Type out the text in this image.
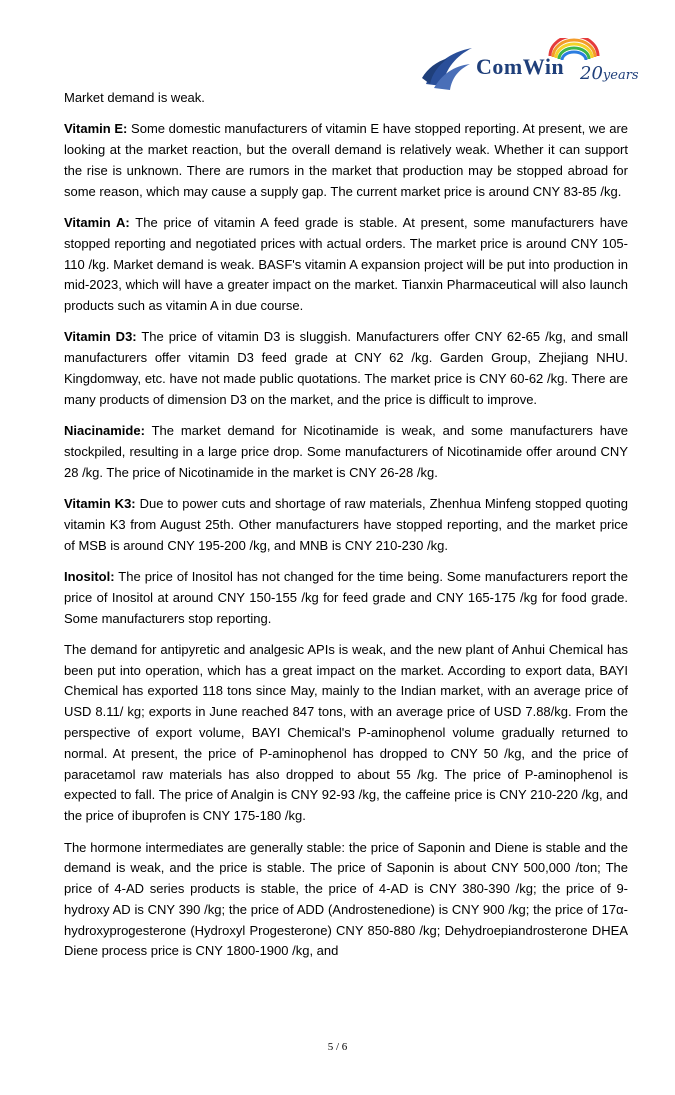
ComWin 20years

Market demand is weak.

Vitamin E: Some domestic manufacturers of vitamin E have stopped reporting. At present, we are looking at the market reaction, but the overall demand is relatively weak. Whether it can support the rise is unknown. There are rumors in the market that production may be stopped abroad for some reason, which may cause a supply gap. The current market price is around CNY 83-85 /kg.

Vitamin A: The price of vitamin A feed grade is stable. At present, some manufacturers have stopped reporting and negotiated prices with actual orders. The market price is around CNY 105-110 /kg. Market demand is weak. BASF's vitamin A expansion project will be put into production in mid-2023, which will have a greater impact on the market. Tianxin Pharmaceutical will also launch products such as vitamin A in due course.

Vitamin D3: The price of vitamin D3 is sluggish. Manufacturers offer CNY 62-65 /kg, and small manufacturers offer vitamin D3 feed grade at CNY 62 /kg. Garden Group, Zhejiang NHU. Kingdomway, etc. have not made public quotations. The market price is CNY 60-62 /kg. There are many products of dimension D3 on the market, and the price is difficult to improve.

Niacinamide: The market demand for Nicotinamide is weak, and some manufacturers have stockpiled, resulting in a large price drop. Some manufacturers of Nicotinamide offer around CNY 28 /kg. The price of Nicotinamide in the market is CNY 26-28 /kg.

Vitamin K3: Due to power cuts and shortage of raw materials, Zhenhua Minfeng stopped quoting vitamin K3 from August 25th. Other manufacturers have stopped reporting, and the market price of MSB is around CNY 195-200 /kg, and MNB is CNY 210-230 /kg.

Inositol: The price of Inositol has not changed for the time being. Some manufacturers report the price of Inositol at around CNY 150-155 /kg for feed grade and CNY 165-175 /kg for food grade. Some manufacturers stop reporting.

The demand for antipyretic and analgesic APIs is weak, and the new plant of Anhui Chemical has been put into operation, which has a great impact on the market. According to export data, BAYI Chemical has exported 118 tons since May, mainly to the Indian market, with an average price of USD 8.11/ kg; exports in June reached 847 tons, with an average price of USD 7.88/kg. From the perspective of export volume, BAYI Chemical's P-aminophenol volume gradually returned to normal. At present, the price of P-aminophenol has dropped to CNY 50 /kg, and the price of paracetamol raw materials has also dropped to about 55 /kg. The price of P-aminophenol is expected to fall. The price of Analgin is CNY 92-93 /kg, the caffeine price is CNY 210-220 /kg, and the price of ibuprofen is CNY 175-180 /kg.

The hormone intermediates are generally stable: the price of Saponin and Diene is stable and the demand is weak, and the price is stable. The price of Saponin is about CNY 500,000 /ton; The price of 4-AD series products is stable, the price of 4-AD is CNY 380-390 /kg; the price of 9-hydroxy AD is CNY 390 /kg; the price of ADD (Androstenedione) is CNY 900 /kg; the price of 17α-hydroxyprogesterone (Hydroxyl Progesterone) CNY 850-880 /kg; Dehydroepiandrosterone DHEA Diene process price is CNY 1800-1900 /kg, and

5 / 6
